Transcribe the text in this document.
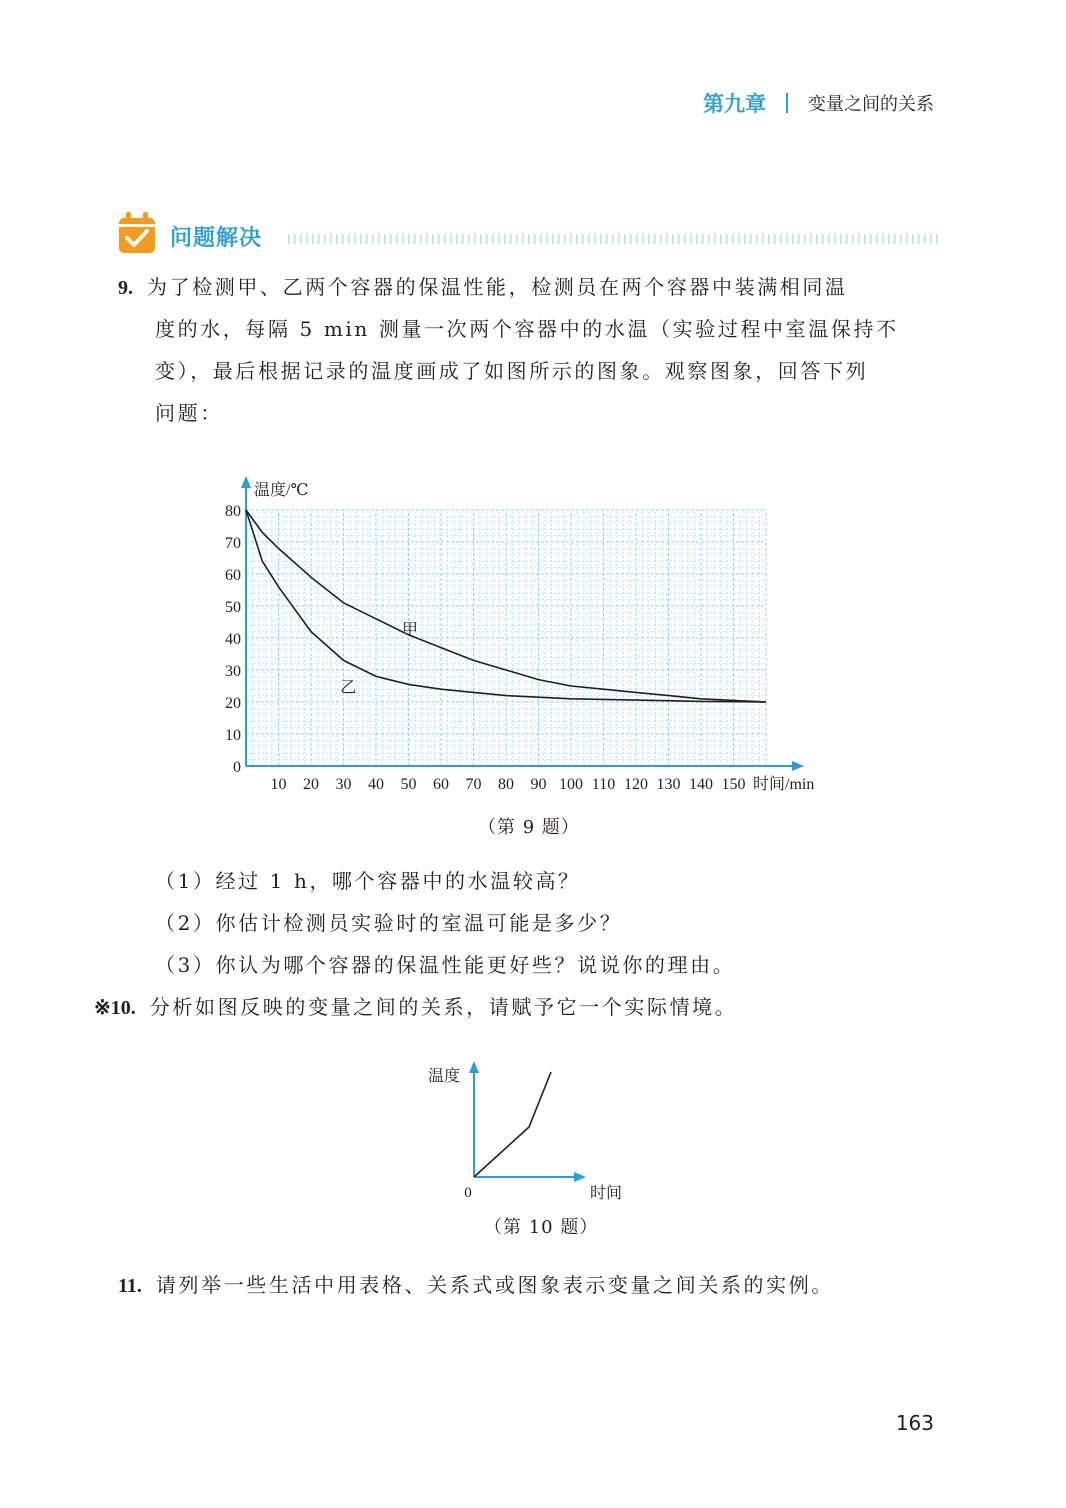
第九章 变量之间的关系
问题解决
9. 为了检测甲、乙两个容器的保温性能，检测员在两个容器中装满相同温
度的水，每隔 5 min 测量一次两个容器中的水温（实验过程中室温保持不
变），最后根据记录的温度画成了如图所示的图象。观察图象，回答下列
问题：
10 20 30 40 50 60 70 80 90 100 110 120 130 140 150
0
10
20
30
40
50
60
70
80
时间/min
温度/℃
甲
乙
（第 9 题）
（1）经过 1 h，哪个容器中的水温较高？
（2）你估计检测员实验时的室温可能是多少？
（3）你认为哪个容器的保温性能更好些？说说你的理由。
※10. 分析如图反映的变量之间的关系，请赋予它一个实际情境。
温度
0	时间
（第 10 题）
11. 请列举一些生活中用表格、关系式或图象表示变量之间关系的实例。
163
